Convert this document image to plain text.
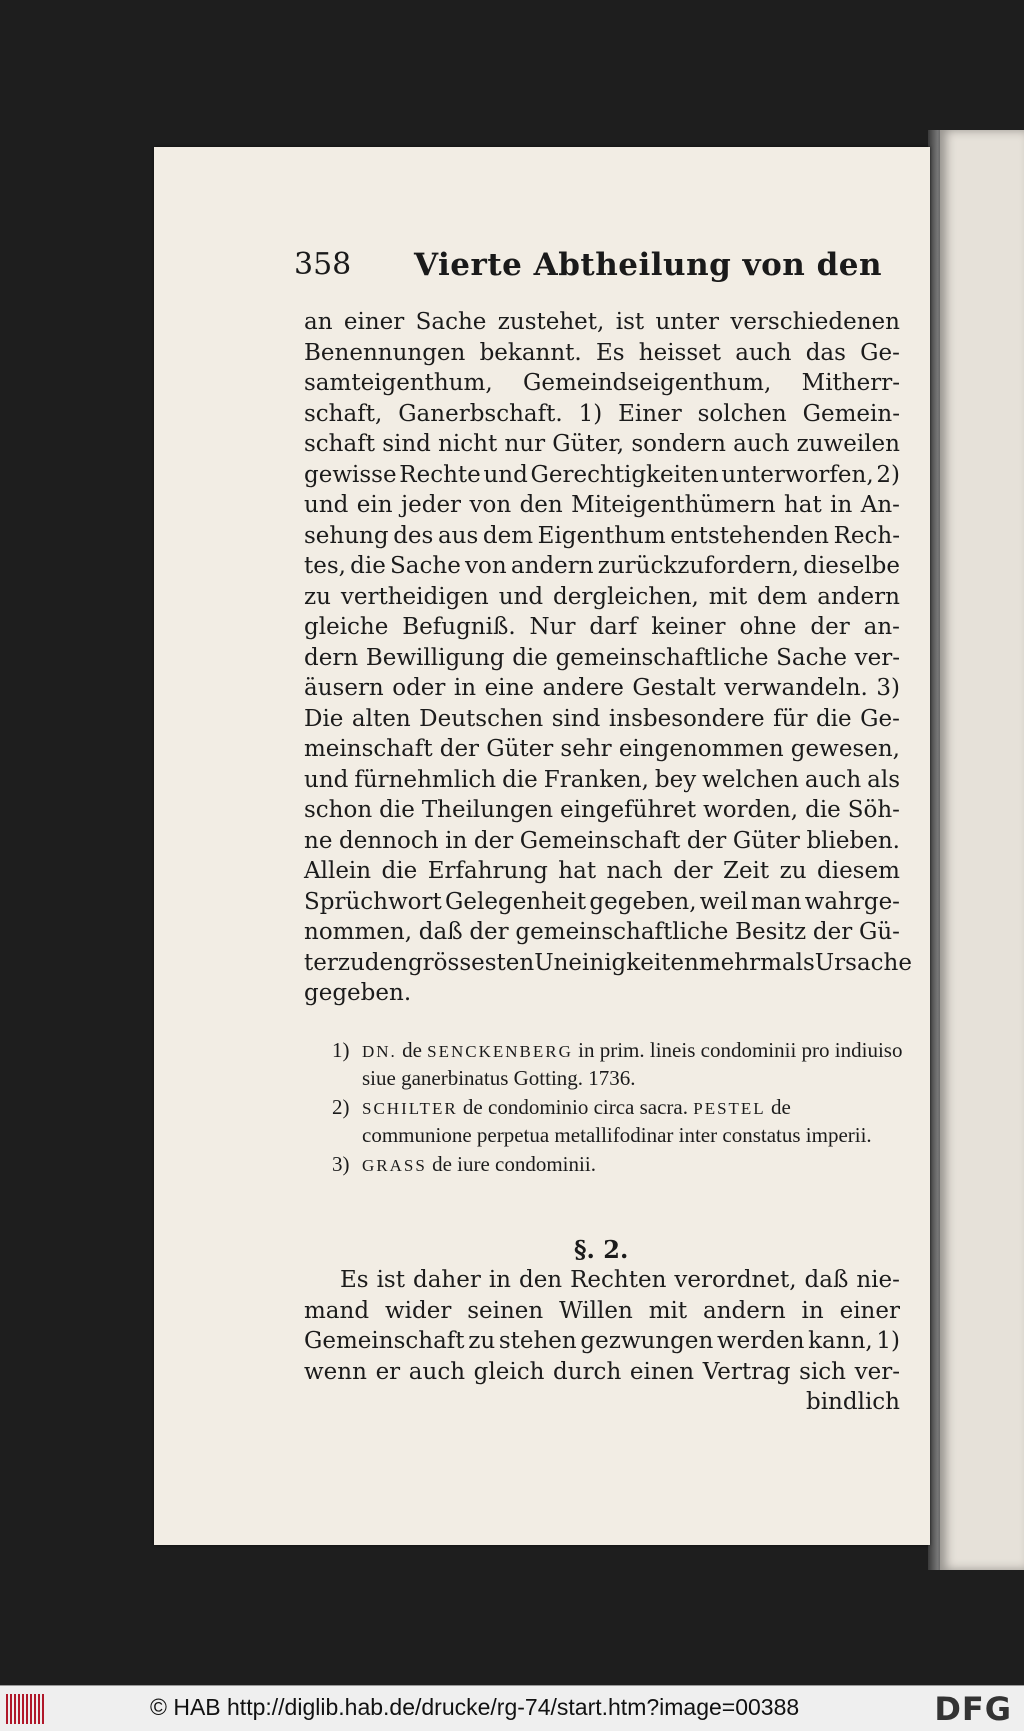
358 Vierte Abtheilung von den
an einer Sache zustehet, ist unter verschiedenen
Benennungen bekannt. Es heisset auch das Ge-
samteigenthum, Gemeindseigenthum, Mitherr-
schaft, Ganerbschaft. 1) Einer solchen Gemein-
schaft sind nicht nur Güter, sondern auch zuweilen
gewisse Rechte und Gerechtigkeiten unterworfen, 2)
und ein jeder von den Miteigenthümern hat in An-
sehung des aus dem Eigenthum entstehenden Rech-
tes, die Sache von andern zurückzufordern, dieselbe
zu vertheidigen und dergleichen, mit dem andern
gleiche Befugniß. Nur darf keiner ohne der an-
dern Bewilligung die gemeinschaftliche Sache ver-
äusern oder in eine andere Gestalt verwandeln. 3)
Die alten Deutschen sind insbesondere für die Ge-
meinschaft der Güter sehr eingenommen gewesen,
und fürnehmlich die Franken, bey welchen auch als
schon die Theilungen eingeführet worden, die Söh-
ne dennoch in der Gemeinschaft der Güter blieben.
Allein die Erfahrung hat nach der Zeit zu diesem
Sprüchwort Gelegenheit gegeben, weil man wahrge-
nommen, daß der gemeinschaftliche Besitz der Gü-
ter zu den grössesten Uneinigkeiten mehrmals Ursache
gegeben.
1) DN. de SENCKENBERG in prim. lineis condominii pro indiuiso siue ganerbinatus Gotting. 1736.
2) SCHILTER de condominio circa sacra. PESTEL de communione perpetua metallifodinar inter constatus imperii.
3) GRASS de iure condominii.
§. 2.
Es ist daher in den Rechten verordnet, daß nie-
mand wider seinen Willen mit andern in einer
Gemeinschaft zu stehen gezwungen werden kann, 1)
wenn er auch gleich durch einen Vertrag sich ver-
bindlich
© HAB http://diglib.hab.de/drucke/rg-74/start.htm?image=00388	DFG
